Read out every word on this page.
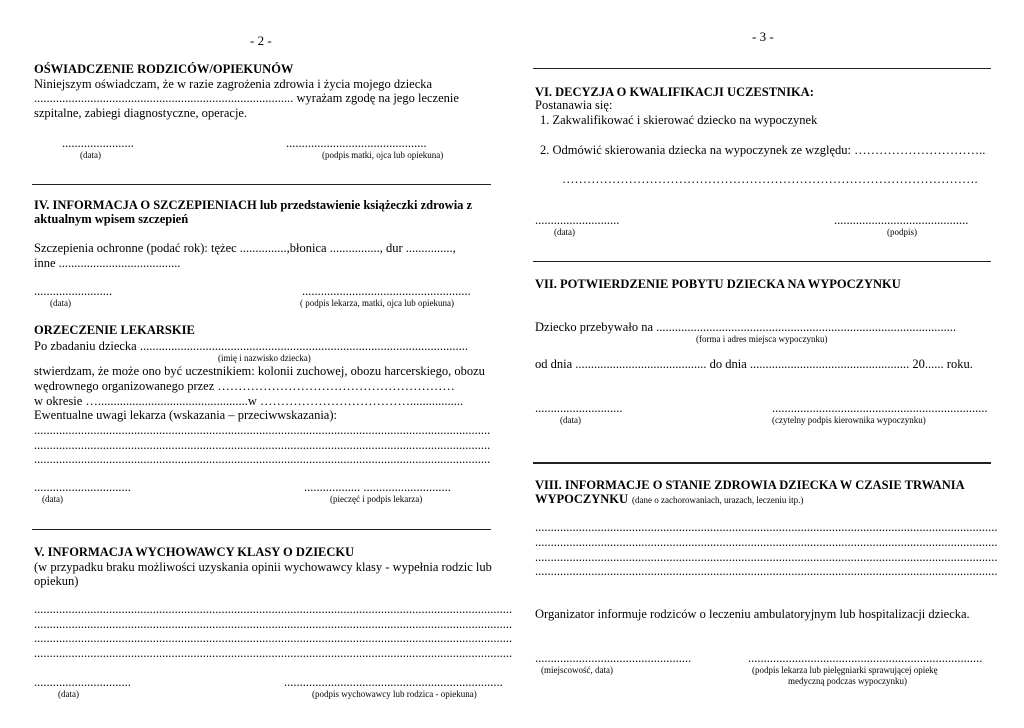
- 2 -
OŚWIADCZENIE RODZICÓW/OPIEKUNÓW
Niniejszym oświadczam, że w razie zagrożenia zdrowia i życia mojego dziecka
................................................................................... wyrażam zgodę na jego leczenie
szpitalne, zabiegi diagnostyczne, operacje.
.......................	.............................................
(data)	(podpis matki, ojca lub opiekuna)
IV. INFORMACJA O SZCZEPIENIACH lub przedstawienie książeczki zdrowia z
aktualnym wpisem szczepień
Szczepienia ochronne (podać rok): tężec ...............,błonica ................, dur ...............,
inne .......................................
.........................	......................................................
(data)	( podpis lekarza, matki, ojca lub opiekuna)
ORZECZENIE LEKARSKIE
Po zbadaniu dziecka .........................................................................................................
(imię i nazwisko dziecka)
stwierdzam, że może ono być uczestnikiem: kolonii zuchowej, obozu harcerskiego, obozu
wędrownego organizowanego przez …………………………………………………
w okresie …................................................w ……………………………….................
Ewentualne uwagi lekarza (wskazania – przeciwwskazania):
..................................................................................................................................................
..................................................................................................................................................
..................................................................................................................................................
...............................	.................. ............................
(data)	(pieczęć i podpis lekarza)
V. INFORMACJA WYCHOWAWCY KLASY O DZIECKU
(w przypadku braku możliwości uzyskania opinii wychowawcy klasy - wypełnia rodzic lub
opiekun)
.........................................................................................................................................................
.........................................................................................................................................................
.........................................................................................................................................................
.........................................................................................................................................................
...............................	......................................................................
(data)	(podpis wychowawcy lub rodzica - opiekuna)
- 3 -
VI. DECYZJA O KWALIFIKACJI UCZESTNIKA:
Postanawia się:
1. Zakwalifikować i skierować dziecko na wypoczynek
2. Odmówić skierowania dziecka na wypoczynek ze względu: …………………………..
……………………………………………………………………………………….
...........................	...........................................
(data)	(podpis)
VII. POTWIERDZENIE POBYTU DZIECKA NA WYPOCZYNKU
Dziecko przebywało na ................................................................................................
(forma i adres miejsca wypoczynku)
od dnia .......................................... do dnia ................................................... 20...... roku.
............................	.....................................................................
(data)	(czytelny podpis kierownika wypoczynku)
VIII. INFORMACJE O STANIE ZDROWIA DZIECKA W CZASIE TRWANIA
WYPOCZYNKU (dane o zachorowaniach, urazach, leczeniu itp.)
....................................................................................................................................................
....................................................................................................................................................
....................................................................................................................................................
....................................................................................................................................................
Organizator informuje rodziców o leczeniu ambulatoryjnym lub hospitalizacji dziecka.
..................................................	...........................................................................
(miejscowość, data)	(podpis lekarza lub pielęgniarki sprawującej opiekę
medyczną podczas wypoczynku)
